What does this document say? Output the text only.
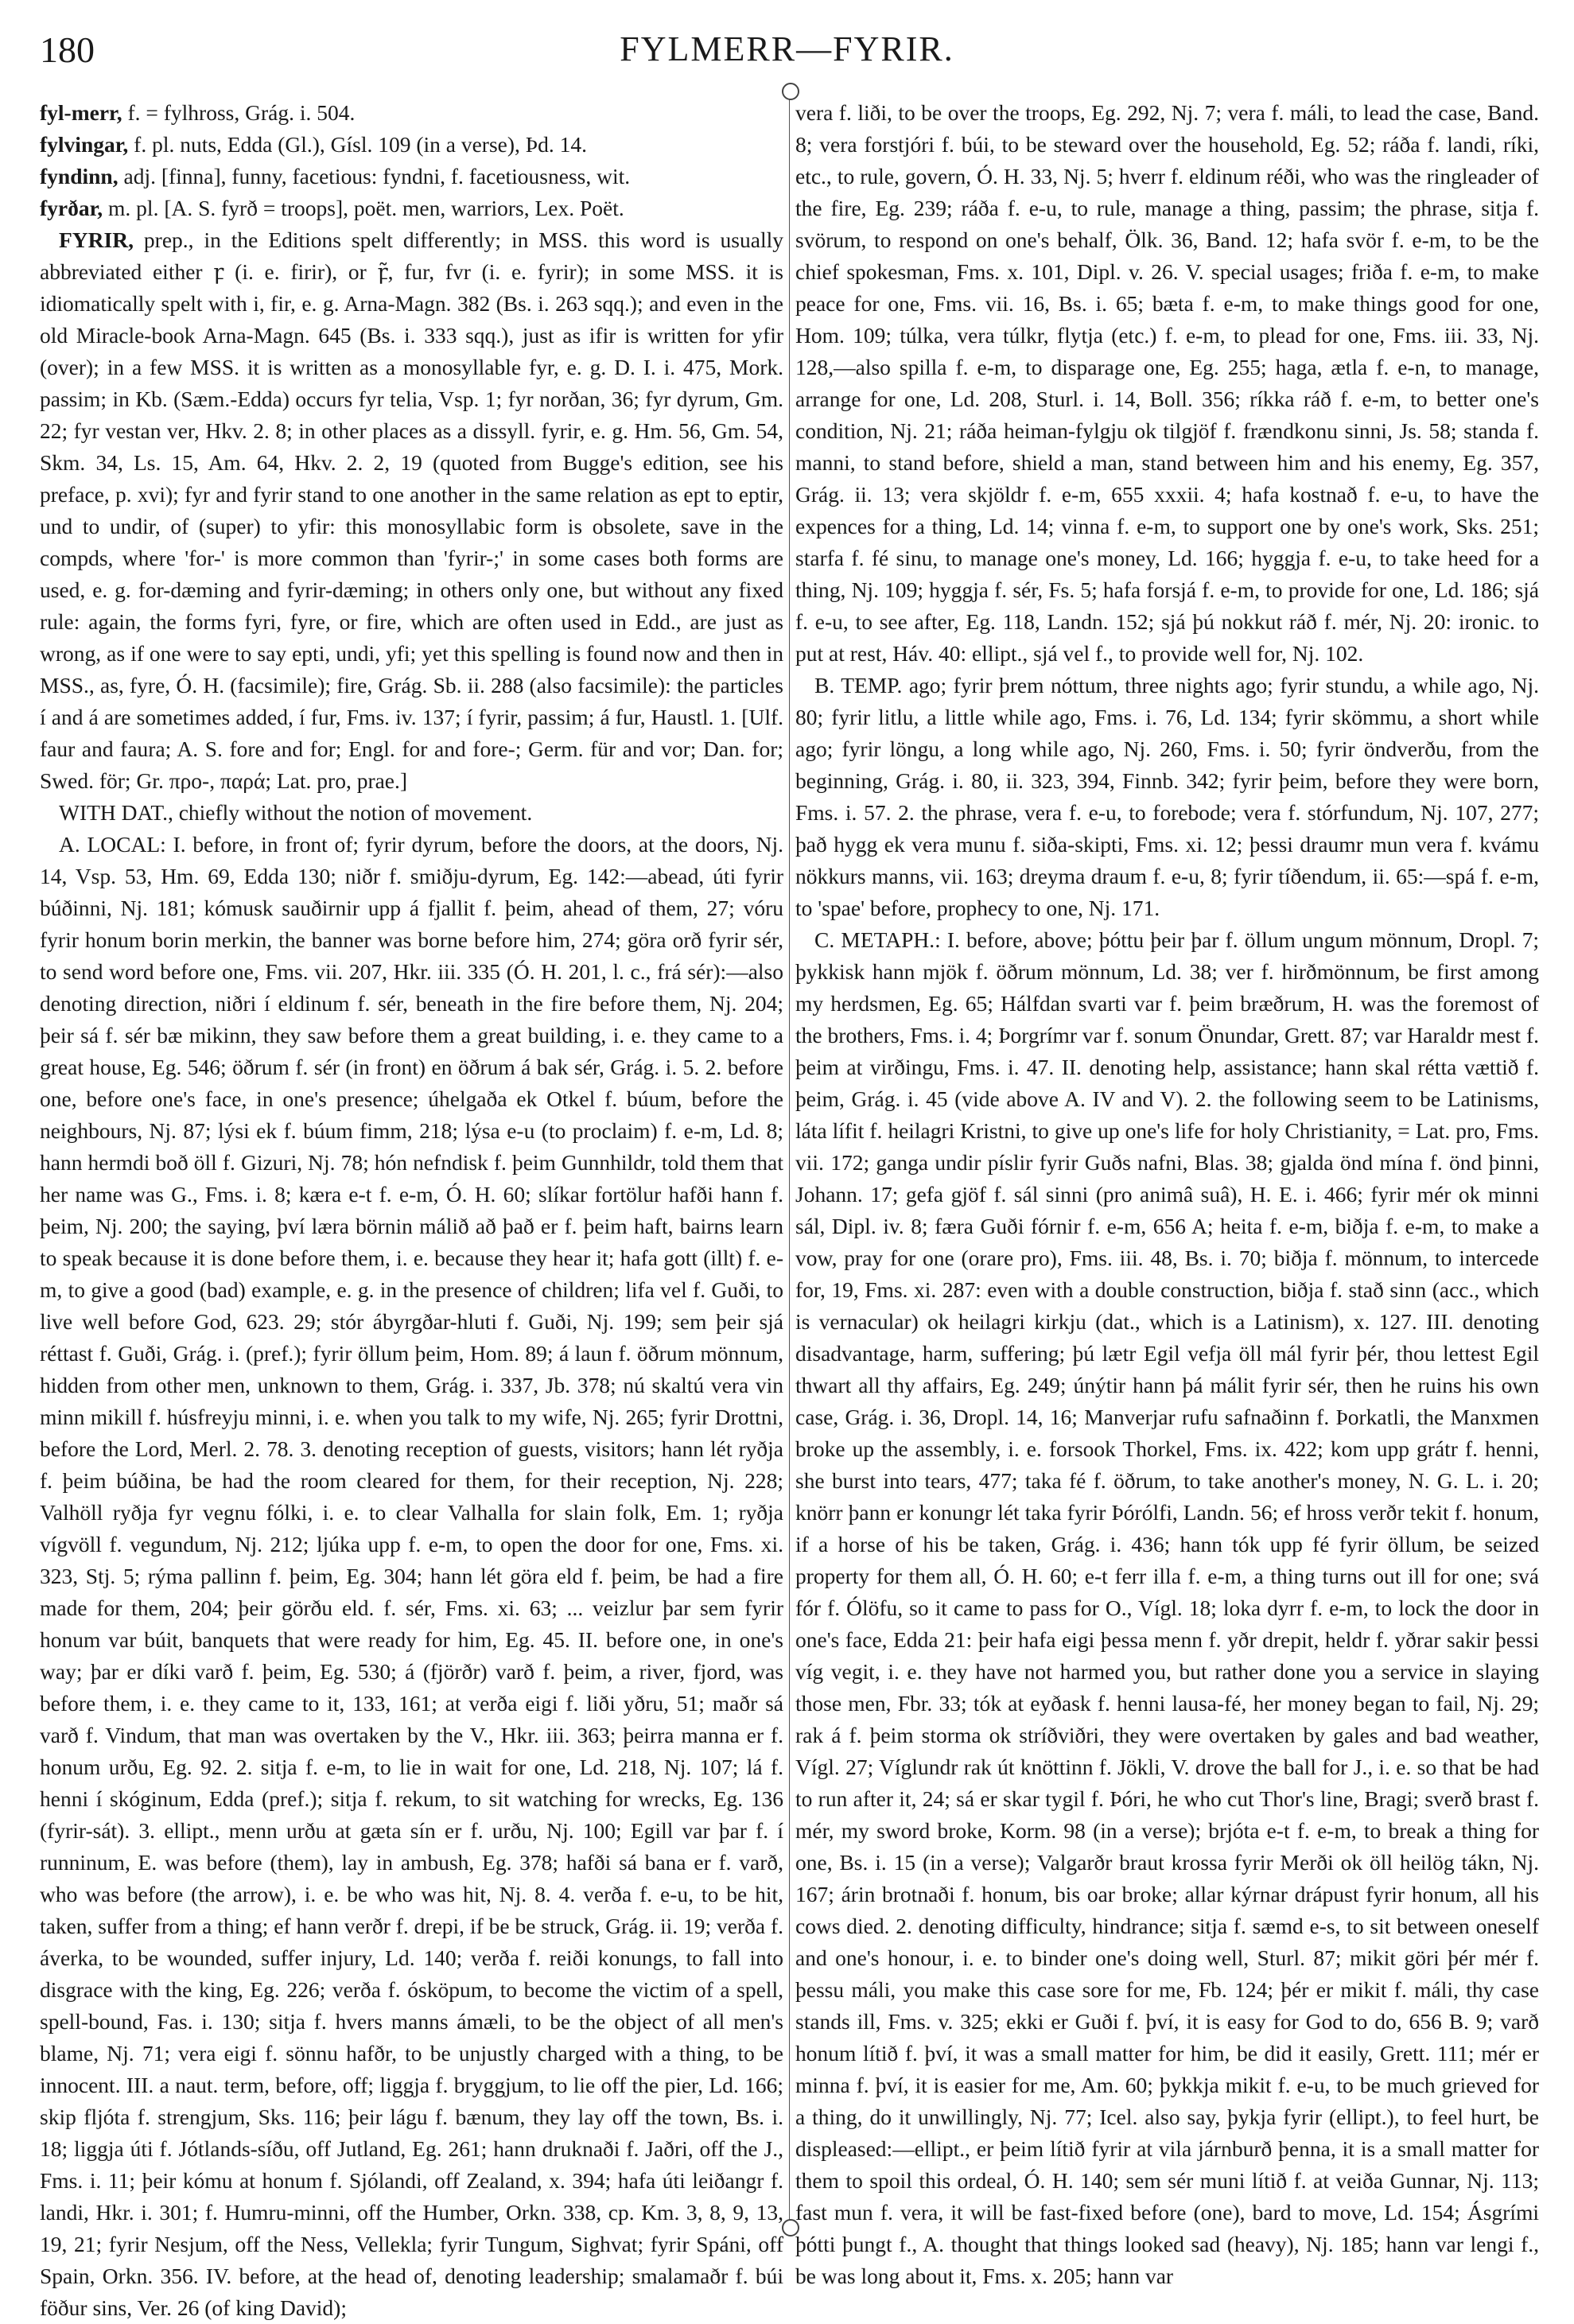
180	FYLMERR—FYRIR.

fyl-merr, f. = fylhross, Grág. i. 504.

fylvingar, f. pl. nuts, Edda (Gl.), Gísl. 109 (in a verse), Þd. 14.

fyndinn, adj. [finna], funny, facetious: fyndni, f. facetiousness, wit.

fyrðar, m. pl. [A. S. fyrð = troops], poët. men, warriors, Lex. Poët.

FYRIR, prep., in the Editions spelt differently; in MSS. this word is usually abbreviated either ꝼ (i. e. firir), or ꝼ̃, fur, fvr (i. e. fyrir); in some MSS. it is idiomatically spelt with i, fir, e. g. Arna-Magn. 382 (Bs. i. 263 sqq.); and even in the old Miracle-book Arna-Magn. 645 (Bs. i. 333 sqq.), just as ifir is written for yfir (over); in a few MSS. it is written as a monosyllable fyr, e. g. D. I. i. 475, Mork. passim; in Kb. (Sæm.-Edda) occurs fyr telia, Vsp. 1; fyr norðan, 36; fyr dyrum, Gm. 22; fyr vestan ver, Hkv. 2. 8; in other places as a dissyll. fyrir, e. g. Hm. 56, Gm. 54, Skm. 34, Ls. 15, Am. 64, Hkv. 2. 2, 19 (quoted from Bugge's edition, see his preface, p. xvi); fyr and fyrir stand to one another in the same relation as ept to eptir, und to undir, of (super) to yfir: this monosyllabic form is obsolete, save in the compds, where 'for-' is more common than 'fyrir-;' in some cases both forms are used, e. g. for-dæming and fyrir-dæming; in others only one, but without any fixed rule: again, the forms fyri, fyre, or fire, which are often used in Edd., are just as wrong, as if one were to say epti, undi, yfi; yet this spelling is found now and then in MSS., as, fyre, Ó. H. (facsimile); fire, Grág. Sb. ii. 288 (also facsimile): the particles í and á are sometimes added, í fur, Fms. iv. 137; í fyrir, passim; á fur, Haustl. 1. [Ulf. faur and faura; A. S. fore and for; Engl. for and fore-; Germ. für and vor; Dan. for; Swed. för; Gr. προ-, παρά; Lat. pro, prae.]

WITH DAT., chiefly without the notion of movement.

A. LOCAL: I. before, in front of; fyrir dyrum, before the doors, at the doors, Nj. 14, Vsp. 53, Hm. 69, Edda 130; niðr f. smiðju-dyrum, Eg. 142:—abead, úti fyrir búðinni, Nj. 181; kómusk sauðirnir upp á fjallit f. þeim, ahead of them, 27; vóru fyrir honum borin merkin, the banner was borne before him, 274; göra orð fyrir sér, to send word before one, Fms. vii. 207, Hkr. iii. 335 (Ó. H. 201, l. c., frá sér):—also denoting direction, niðri í eldinum f. sér, beneath in the fire before them, Nj. 204; þeir sá f. sér bæ mikinn, they saw before them a great building, i. e. they came to a great house, Eg. 546; öðrum f. sér (in front) en öðrum á bak sér, Grág. i. 5. 2. before one, before one's face, in one's presence; úhelgaða ek Otkel f. búum, before the neighbours, Nj. 87; lýsi ek f. búum fimm, 218; lýsa e-u (to proclaim) f. e-m, Ld. 8; hann hermdi boð öll f. Gizuri, Nj. 78; hón nefndisk f. þeim Gunnhildr, told them that her name was G., Fms. i. 8; kæra e-t f. e-m, Ó. H. 60; slíkar fortölur hafði hann f. þeim, Nj. 200; the saying, því læra börnin málið að það er f. þeim haft, bairns learn to speak because it is done before them, i. e. because they hear it; hafa gott (illt) f. e-m, to give a good (bad) example, e. g. in the presence of children; lifa vel f. Guði, to live well before God, 623. 29; stór ábyrgðar-hluti f. Guði, Nj. 199; sem þeir sjá réttast f. Guði, Grág. i. (pref.); fyrir öllum þeim, Hom. 89; á laun f. öðrum mönnum, hidden from other men, unknown to them, Grág. i. 337, Jb. 378; nú skaltú vera vin minn mikill f. húsfreyju minni, i. e. when you talk to my wife, Nj. 265; fyrir Drottni, before the Lord, Merl. 2. 78. 3. denoting reception of guests, visitors; hann lét ryðja f. þeim búðina, be had the room cleared for them, for their reception, Nj. 228; Valhöll ryðja fyr vegnu fólki, i. e. to clear Valhalla for slain folk, Em. 1; ryðja vígvöll f. vegundum, Nj. 212; ljúka upp f. e-m, to open the door for one, Fms. xi. 323, Stj. 5; rýma pallinn f. þeim, Eg. 304; hann lét göra eld f. þeim, be had a fire made for them, 204; þeir görðu eld. f. sér, Fms. xi. 63; ... veizlur þar sem fyrir honum var búit, banquets that were ready for him, Eg. 45. II. before one, in one's way; þar er díki varð f. þeim, Eg. 530; á (fjörðr) varð f. þeim, a river, fjord, was before them, i. e. they came to it, 133, 161; at verða eigi f. liði yðru, 51; maðr sá varð f. Vindum, that man was overtaken by the V., Hkr. iii. 363; þeirra manna er f. honum urðu, Eg. 92. 2. sitja f. e-m, to lie in wait for one, Ld. 218, Nj. 107; lá f. henni í skóginum, Edda (pref.); sitja f. rekum, to sit watching for wrecks, Eg. 136 (fyrir-sát). 3. ellipt., menn urðu at gæta sín er f. urðu, Nj. 100; Egill var þar f. í runninum, E. was before (them), lay in ambush, Eg. 378; hafði sá bana er f. varð, who was before (the arrow), i. e. be who was hit, Nj. 8. 4. verða f. e-u, to be hit, taken, suffer from a thing; ef hann verðr f. drepi, if be be struck, Grág. ii. 19; verða f. áverka, to be wounded, suffer injury, Ld. 140; verða f. reiði konungs, to fall into disgrace with the king, Eg. 226; verða f. ósköpum, to become the victim of a spell, spell-bound, Fas. i. 130; sitja f. hvers manns ámæli, to be the object of all men's blame, Nj. 71; vera eigi f. sönnu hafðr, to be unjustly charged with a thing, to be innocent. III. a naut. term, before, off; liggja f. bryggjum, to lie off the pier, Ld. 166; skip fljóta f. strengjum, Sks. 116; þeir lágu f. bænum, they lay off the town, Bs. i. 18; liggja úti f. Jótlands-síðu, off Jutland, Eg. 261; hann druknaði f. Jaðri, off the J., Fms. i. 11; þeir kómu at honum f. Sjólandi, off Zealand, x. 394; hafa úti leiðangr f. landi, Hkr. i. 301; f. Humru-minni, off the Humber, Orkn. 338, cp. Km. 3, 8, 9, 13, 19, 21; fyrir Nesjum, off the Ness, Vellekla; fyrir Tungum, Sighvat; fyrir Spáni, off Spain, Orkn. 356. IV. before, at the head of, denoting leadership; smalamaðr f. búi föður sins, Ver. 26 (of king David);

vera f. liði, to be over the troops, Eg. 292, Nj. 7; vera f. máli, to lead the case, Band. 8; vera forstjóri f. búi, to be steward over the household, Eg. 52; ráða f. landi, ríki, etc., to rule, govern, Ó. H. 33, Nj. 5; hverr f. eldinum réði, who was the ringleader of the fire, Eg. 239; ráða f. e-u, to rule, manage a thing, passim; the phrase, sitja f. svörum, to respond on one's behalf, Ölk. 36, Band. 12; hafa svör f. e-m, to be the chief spokesman, Fms. x. 101, Dipl. v. 26. V. special usages; friða f. e-m, to make peace for one, Fms. vii. 16, Bs. i. 65; bæta f. e-m, to make things good for one, Hom. 109; túlka, vera túlkr, flytja (etc.) f. e-m, to plead for one, Fms. iii. 33, Nj. 128,—also spilla f. e-m, to disparage one, Eg. 255; haga, ætla f. e-n, to manage, arrange for one, Ld. 208, Sturl. i. 14, Boll. 356; ríkka ráð f. e-m, to better one's condition, Nj. 21; ráða heiman-fylgju ok tilgjöf f. frændkonu sinni, Js. 58; standa f. manni, to stand before, shield a man, stand between him and his enemy, Eg. 357, Grág. ii. 13; vera skjöldr f. e-m, 655 xxxii. 4; hafa kostnað f. e-u, to have the expences for a thing, Ld. 14; vinna f. e-m, to support one by one's work, Sks. 251; starfa f. fé sinu, to manage one's money, Ld. 166; hyggja f. e-u, to take heed for a thing, Nj. 109; hyggja f. sér, Fs. 5; hafa forsjá f. e-m, to provide for one, Ld. 186; sjá f. e-u, to see after, Eg. 118, Landn. 152; sjá þú nokkut ráð f. mér, Nj. 20: ironic. to put at rest, Háv. 40: ellipt., sjá vel f., to provide well for, Nj. 102.

B. TEMP. ago; fyrir þrem nóttum, three nights ago; fyrir stundu, a while ago, Nj. 80; fyrir litlu, a little while ago, Fms. i. 76, Ld. 134; fyrir skömmu, a short while ago; fyrir löngu, a long while ago, Nj. 260, Fms. i. 50; fyrir öndverðu, from the beginning, Grág. i. 80, ii. 323, 394, Finnb. 342; fyrir þeim, before they were born, Fms. i. 57. 2. the phrase, vera f. e-u, to forebode; vera f. stórfundum, Nj. 107, 277; það hygg ek vera munu f. siða-skipti, Fms. xi. 12; þessi draumr mun vera f. kvámu nökkurs manns, vii. 163; dreyma draum f. e-u, 8; fyrir tíðendum, ii. 65:—spá f. e-m, to 'spae' before, prophecy to one, Nj. 171.

C. METAPH.: I. before, above; þóttu þeir þar f. öllum ungum mönnum, Dropl. 7; þykkisk hann mjök f. öðrum mönnum, Ld. 38; ver f. hirðmönnum, be first among my herdsmen, Eg. 65; Hálfdan svarti var f. þeim bræðrum, H. was the foremost of the brothers, Fms. i. 4; Þorgrímr var f. sonum Önundar, Grett. 87; var Haraldr mest f. þeim at virðingu, Fms. i. 47. II. denoting help, assistance; hann skal rétta vættið f. þeim, Grág. i. 45 (vide above A. IV and V). 2. the following seem to be Latinisms, láta lífit f. heilagri Kristni, to give up one's life for holy Christianity, = Lat. pro, Fms. vii. 172; ganga undir píslir fyrir Guðs nafni, Blas. 38; gjalda önd mína f. önd þinni, Johann. 17; gefa gjöf f. sál sinni (pro animâ suâ), H. E. i. 466; fyrir mér ok minni sál, Dipl. iv. 8; færa Guði fórnir f. e-m, 656 A; heita f. e-m, biðja f. e-m, to make a vow, pray for one (orare pro), Fms. iii. 48, Bs. i. 70; biðja f. mönnum, to intercede for, 19, Fms. xi. 287: even with a double construction, biðja f. stað sinn (acc., which is vernacular) ok heilagri kirkju (dat., which is a Latinism), x. 127. III. denoting disadvantage, harm, suffering; þú lætr Egil vefja öll mál fyrir þér, thou lettest Egil thwart all thy affairs, Eg. 249; únýtir hann þá málit fyrir sér, then he ruins his own case, Grág. i. 36, Dropl. 14, 16; Manverjar rufu safnaðinn f. Þorkatli, the Manxmen broke up the assembly, i. e. forsook Thorkel, Fms. ix. 422; kom upp grátr f. henni, she burst into tears, 477; taka fé f. öðrum, to take another's money, N. G. L. i. 20; knörr þann er konungr lét taka fyrir Þórólfi, Landn. 56; ef hross verðr tekit f. honum, if a horse of his be taken, Grág. i. 436; hann tók upp fé fyrir öllum, be seized property for them all, Ó. H. 60; e-t ferr illa f. e-m, a thing turns out ill for one; svá fór f. Ólöfu, so it came to pass for O., Vígl. 18; loka dyrr f. e-m, to lock the door in one's face, Edda 21: þeir hafa eigi þessa menn f. yðr drepit, heldr f. yðrar sakir þessi víg vegit, i. e. they have not harmed you, but rather done you a service in slaying those men, Fbr. 33; tók at eyðask f. henni lausa-fé, her money began to fail, Nj. 29; rak á f. þeim storma ok stríðviðri, they were overtaken by gales and bad weather, Vígl. 27; Víglundr rak út knöttinn f. Jökli, V. drove the ball for J., i. e. so that be had to run after it, 24; sá er skar tygil f. Þóri, he who cut Thor's line, Bragi; sverð brast f. mér, my sword broke, Korm. 98 (in a verse); brjóta e-t f. e-m, to break a thing for one, Bs. i. 15 (in a verse); Valgarðr braut krossa fyrir Merði ok öll heilög tákn, Nj. 167; árin brotnaði f. honum, bis oar broke; allar kýrnar drápust fyrir honum, all his cows died. 2. denoting difficulty, hindrance; sitja f. sæmd e-s, to sit between oneself and one's honour, i. e. to binder one's doing well, Sturl. 87; mikit göri þér mér f. þessu máli, you make this case sore for me, Fb. 124; þér er mikit f. máli, thy case stands ill, Fms. v. 325; ekki er Guði f. því, it is easy for God to do, 656 B. 9; varð honum lítið f. því, it was a small matter for him, be did it easily, Grett. 111; mér er minna f. því, it is easier for me, Am. 60; þykkja mikit f. e-u, to be much grieved for a thing, do it unwillingly, Nj. 77; Icel. also say, þykja fyrir (ellipt.), to feel hurt, be displeased:—ellipt., er þeim lítið fyrir at vila járnburð þenna, it is a small matter for them to spoil this ordeal, Ó. H. 140; sem sér muni lítið f. at veiða Gunnar, Nj. 113; fast mun f. vera, it will be fast-fixed before (one), bard to move, Ld. 154; Ásgrími þótti þungt f., A. thought that things looked sad (heavy), Nj. 185; hann var lengi f., be was long about it, Fms. x. 205; hann var
